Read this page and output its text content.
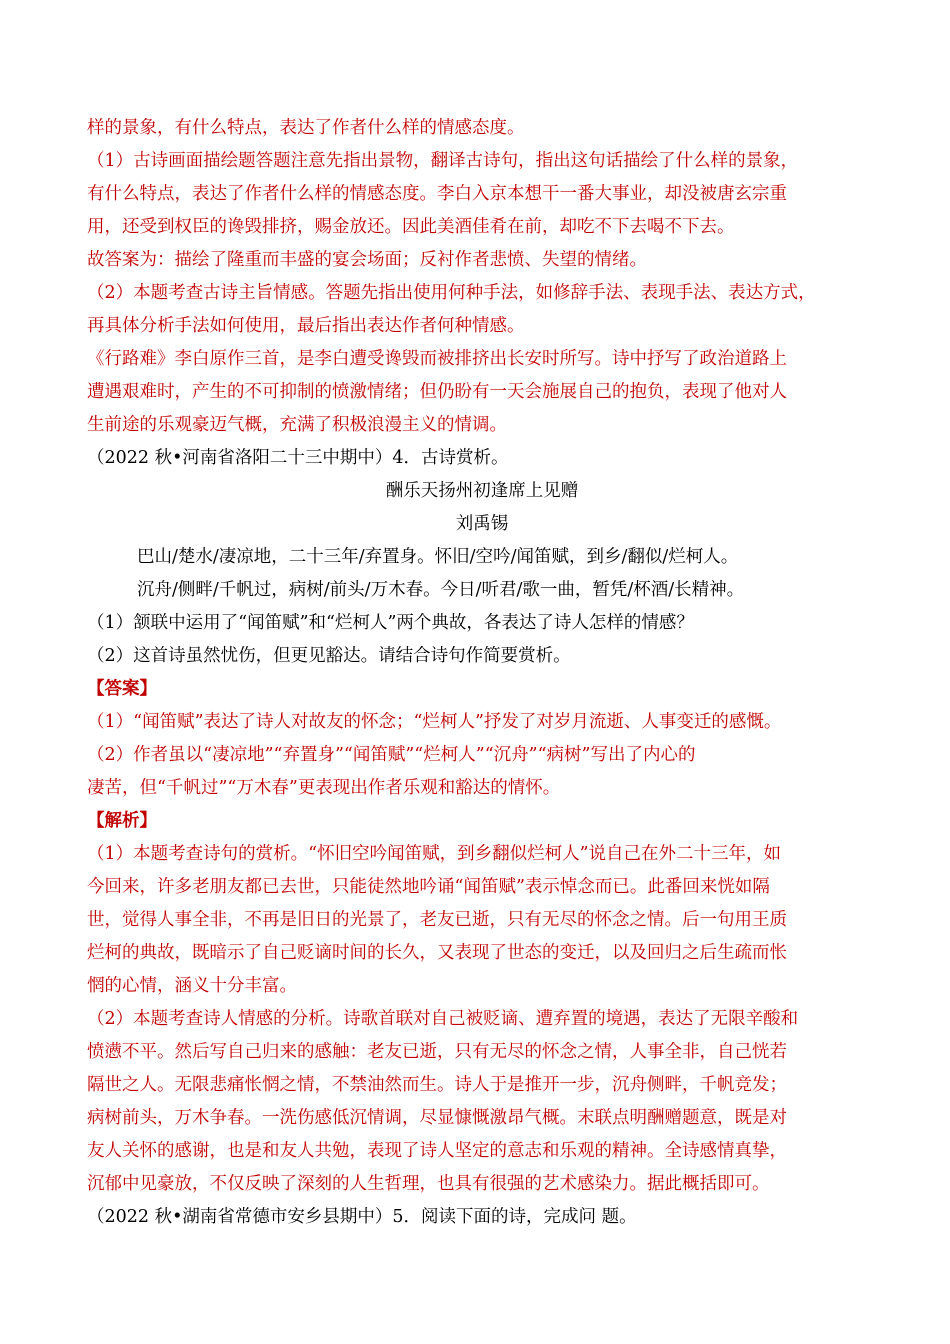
样的景象，有什么特点，表达了作者什么样的情感态度。

（1）古诗画面描绘题答题注意先指出景物，翻译古诗句，指出这句话描绘了什么样的景象，

有什么特点，表达了作者什么样的情感态度。李白入京本想干一番大事业，却没被唐玄宗重

用，还受到权臣的谗毁排挤，赐金放还。因此美酒佳肴在前，却吃不下去喝不下去。

故答案为：描绘了隆重而丰盛的宴会场面；反衬作者悲愤、失望的情绪。

（2）本题考查古诗主旨情感。答题先指出使用何种手法，如修辞手法、表现手法、表达方式，

再具体分析手法如何使用，最后指出表达作者何种情感。

《行路难》李白原作三首，是李白遭受谗毁而被排挤出长安时所写。诗中抒写了政治道路上

遭遇艰难时，产生的不可抑制的愤激情绪；但仍盼有一天会施展自己的抱负，表现了他对人

生前途的乐观豪迈气概，充满了积极浪漫主义的情调。

（2022 秋•河南省洛阳二十三中期中）4．古诗赏析。

酬乐天扬州初逢席上见赠

刘禹锡

巴山/楚水/凄凉地，二十三年/弃置身。怀旧/空吟/闻笛赋，到乡/翻似/烂柯人。

沉舟/侧畔/千帆过，病树/前头/万木春。今日/听君/歌一曲，暂凭/杯酒/长精神。

（1）颔联中运用了“闻笛赋”和“烂柯人”两个典故，各表达了诗人怎样的情感？

（2）这首诗虽然忧伤，但更见豁达。请结合诗句作简要赏析。

【答案】

（1）“闻笛赋”表达了诗人对故友的怀念；“烂柯人”抒发了对岁月流逝、人事变迁的感慨。

（2）作者虽以“凄凉地”“弃置身”“闻笛赋”“烂柯人”“沉舟”“病树”写出了内心的

凄苦，但“千帆过”“万木春”更表现出作者乐观和豁达的情怀。

【解析】

（1）本题考查诗句的赏析。“怀旧空吟闻笛赋，到乡翻似烂柯人”说自己在外二十三年，如

今回来，许多老朋友都已去世，只能徒然地吟诵“闻笛赋”表示悼念而已。此番回来恍如隔

世，觉得人事全非，不再是旧日的光景了，老友已逝，只有无尽的怀念之情。后一句用王质

烂柯的典故，既暗示了自己贬谪时间的长久，又表现了世态的变迁，以及回归之后生疏而怅

惘的心情，涵义十分丰富。

（2）本题考查诗人情感的分析。诗歌首联对自己被贬谪、遭弃置的境遇，表达了无限辛酸和

愤懑不平。然后写自己归来的感触：老友已逝，只有无尽的怀念之情，人事全非，自己恍若

隔世之人。无限悲痛怅惘之情，不禁油然而生。诗人于是推开一步，沉舟侧畔，千帆竞发；

病树前头，万木争春。一洗伤感低沉情调，尽显慷慨激昂气概。末联点明酬赠题意，既是对

友人关怀的感谢，也是和友人共勉，表现了诗人坚定的意志和乐观的精神。全诗感情真挚，

沉郁中见豪放，不仅反映了深刻的人生哲理，也具有很强的艺术感染力。据此概括即可。

（2022 秋•湖南省常德市安乡县期中）5．阅读下面的诗，完成问 题。
